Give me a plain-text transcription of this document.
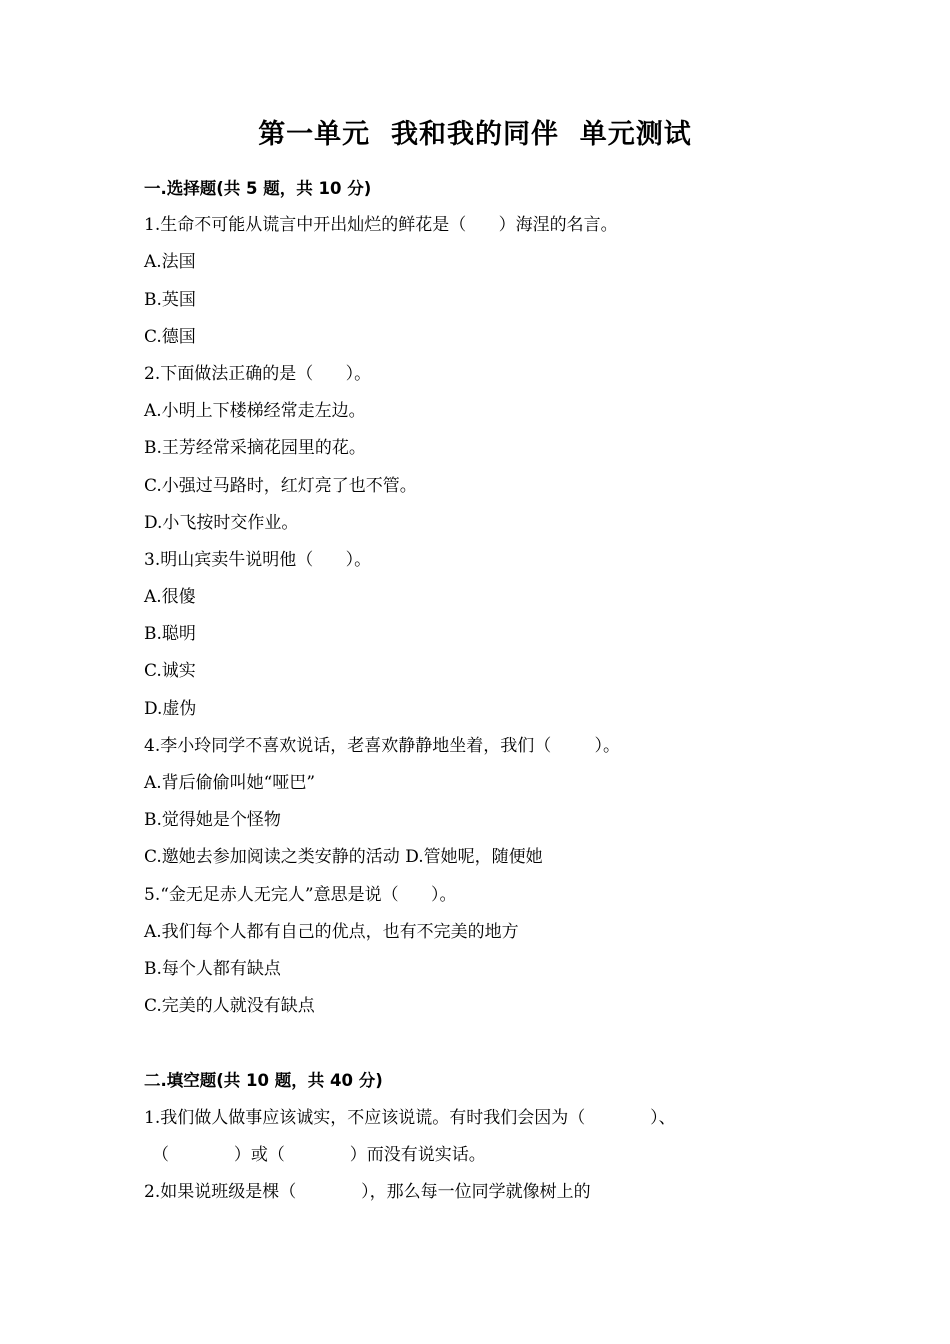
第一单元  我和我的同伴  单元测试
一.选择题(共 5 题，共 10 分)
1.生命不可能从谎言中开出灿烂的鲜花是（      ）海涅的名言。
A.法国
B.英国
C.德国
2.下面做法正确的是（      ）。
A.小明上下楼梯经常走左边。
B.王芳经常采摘花园里的花。
C.小强过马路时，红灯亮了也不管。
D.小飞按时交作业。
3.明山宾卖牛说明他（      ）。
A.很傻
B.聪明
C.诚实
D.虚伪
4.李小玲同学不喜欢说话，老喜欢静静地坐着，我们（        ）。
A.背后偷偷叫她“哑巴”
B.觉得她是个怪物
C.邀她去参加阅读之类安静的活动 D.管她呢，随便她
5.“金无足赤人无完人”意思是说（      ）。
A.我们每个人都有自己的优点，也有不完美的地方
B.每个人都有缺点
C.完美的人就没有缺点
二.填空题(共 10 题，共 40 分)
1.我们做人做事应该诚实，不应该说谎。有时我们会因为（            ）、
（            ）或（            ）而没有说实话。
2.如果说班级是棵（            ），那么每一位同学就像树上的
